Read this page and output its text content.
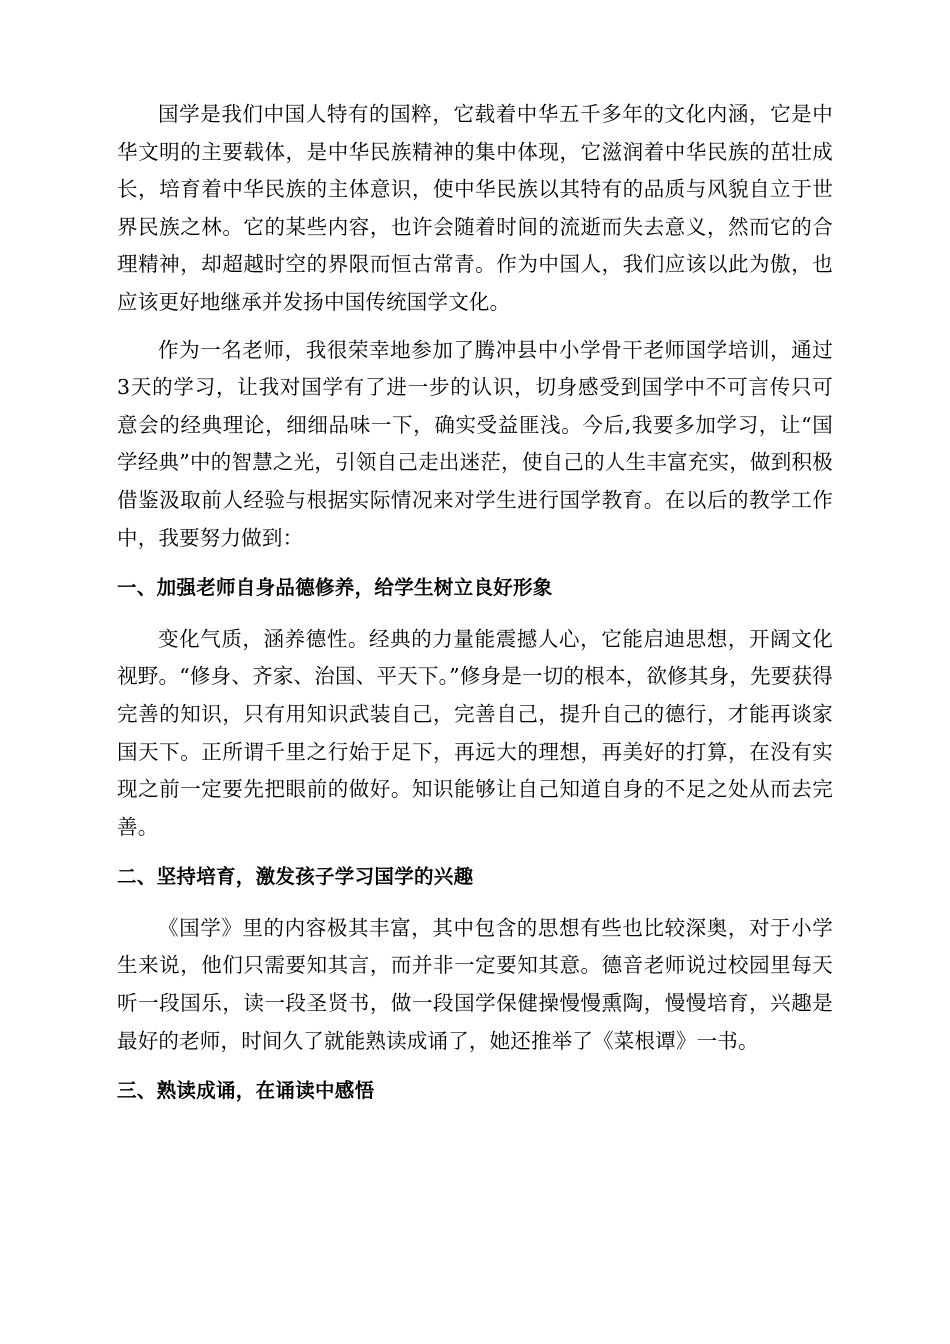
国学是我们中国人特有的国粹，它载着中华五千多年的文化内涵，它是中华文明的主要载体，是中华民族精神的集中体现，它滋润着中华民族的茁壮成长，培育着中华民族的主体意识，使中华民族以其特有的品质与风貌自立于世界民族之林。它的某些内容，也许会随着时间的流逝而失去意义，然而它的合理精神，却超越时空的界限而恒古常青。作为中国人，我们应该以此为傲，也应该更好地继承并发扬中国传统国学文化。

作为一名老师，我很荣幸地参加了腾冲县中小学骨干老师国学培训，通过3天的学习，让我对国学有了进一步的认识，切身感受到国学中不可言传只可意会的经典理论，细细品味一下，确实受益匪浅。今后,我要多加学习，让“国学经典”中的智慧之光，引领自己走出迷茫，使自己的人生丰富充实，做到积极借鉴汲取前人经验与根据实际情况来对学生进行国学教育。在以后的教学工作中，我要努力做到：

一、加强老师自身品德修养，给学生树立良好形象

变化气质，涵养德性。经典的力量能震撼人心，它能启迪思想，开阔文化视野。“修身、齐家、治国、平天下。”修身是一切的根本，欲修其身，先要获得完善的知识，只有用知识武装自己，完善自己，提升自己的德行，才能再谈家国天下。正所谓千里之行始于足下，再远大的理想，再美好的打算，在没有实现之前一定要先把眼前的做好。知识能够让自己知道自身的不足之处从而去完善。

二、坚持培育，激发孩子学习国学的兴趣

《国学》里的内容极其丰富，其中包含的思想有些也比较深奥，对于小学生来说，他们只需要知其言，而并非一定要知其意。德音老师说过校园里每天听一段国乐，读一段圣贤书，做一段国学保健操慢慢熏陶，慢慢培育，兴趣是最好的老师，时间久了就能熟读成诵了，她还推举了《菜根谭》一书。

三、熟读成诵，在诵读中感悟
